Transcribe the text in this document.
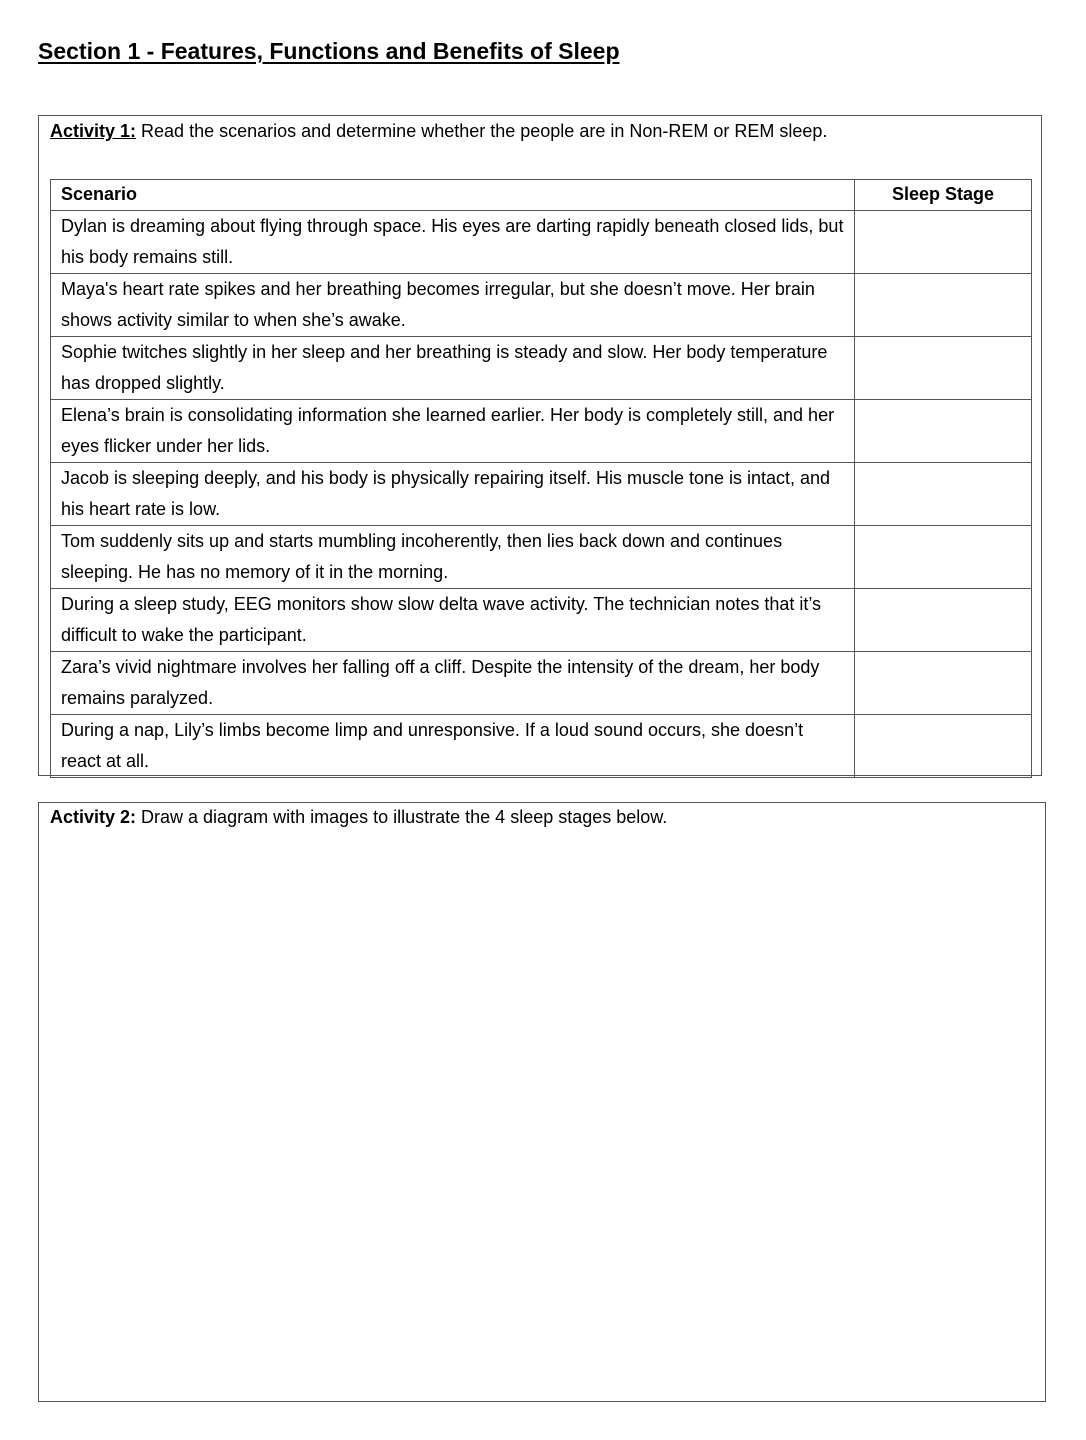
Section 1 - Features, Functions and Benefits of Sleep
Activity 1: Read the scenarios and determine whether the people are in Non-REM or REM sleep.
Scenario	Sleep Stage
Dylan is dreaming about flying through space. His eyes are darting rapidly beneath closed lids, but his body remains still.	
Maya's heart rate spikes and her breathing becomes irregular, but she doesn’t move. Her brain shows activity similar to when she’s awake.	
Sophie twitches slightly in her sleep and her breathing is steady and slow. Her body temperature has dropped slightly.	
Elena’s brain is consolidating information she learned earlier. Her body is completely still, and her eyes flicker under her lids.	
Jacob is sleeping deeply, and his body is physically repairing itself. His muscle tone is intact, and his heart rate is low.	
Tom suddenly sits up and starts mumbling incoherently, then lies back down and continues sleeping. He has no memory of it in the morning.	
During a sleep study, EEG monitors show slow delta wave activity. The technician notes that it’s difficult to wake the participant.	
Zara’s vivid nightmare involves her falling off a cliff. Despite the intensity of the dream, her body remains paralyzed.	
During a nap, Lily’s limbs become limp and unresponsive. If a loud sound occurs, she doesn’t react at all.	
Activity 2: Draw a diagram with images to illustrate the 4 sleep stages below.
